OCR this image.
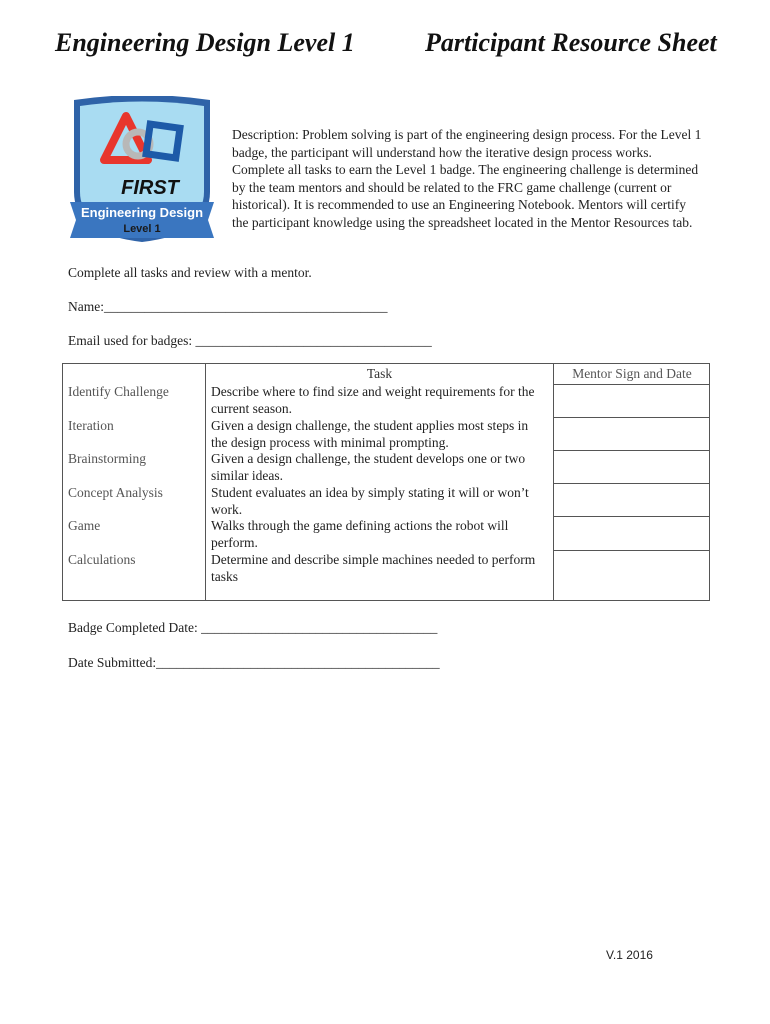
Engineering Design Level 1	Participant Resource Sheet
FIRST
Engineering Design
Level 1
Description: Problem solving is part of the engineering design process. For the Level 1 badge, the participant will understand how the iterative design process works. Complete all tasks to earn the Level 1 badge. The engineering challenge is determined by the team mentors and should be related to the FRC game challenge (current or historical). It is recommended to use an Engineering Notebook. Mentors will certify the participant knowledge using the spreadsheet located in the Mentor Resources tab.
Complete all tasks and review with a mentor.
Name:__________________________________________
Email used for badges: ___________________________________
Identify Challenge
Iteration
Brainstorming
Concept Analysis
Game
Calculations
Task
Describe where to find size and weight requirements for the current season.
Given a design challenge, the student applies most steps in the design process with minimal prompting.
Given a design challenge, the student develops one or two similar ideas.
Student evaluates an idea by simply stating it will or won’t work.
Walks through the game defining actions the robot will perform.
Determine and describe simple machines needed to perform tasks
Mentor Sign and Date
Badge Completed Date: ___________________________________
Date Submitted:__________________________________________
V.1 2016
